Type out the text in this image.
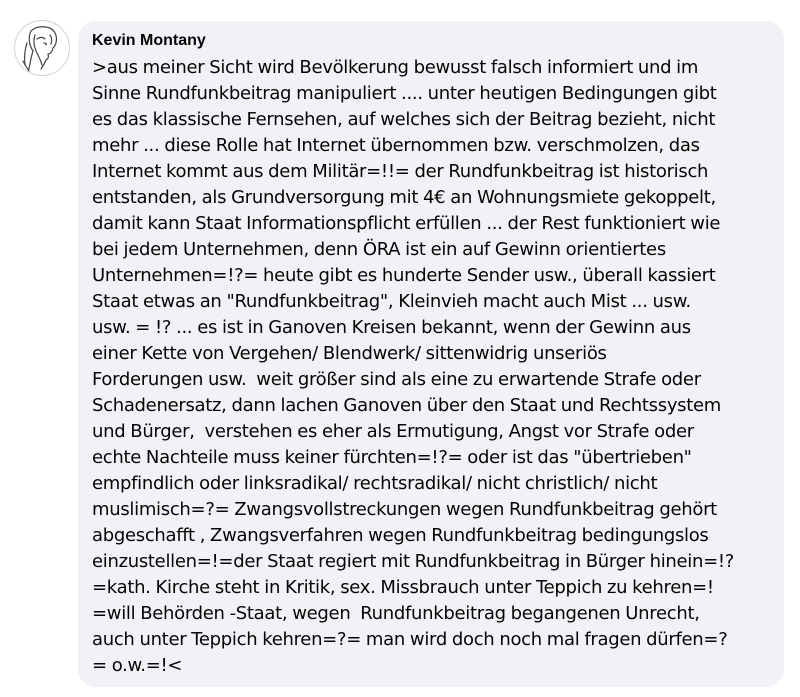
Kevin Montany
>aus meiner Sicht wird Bevölkerung bewusst falsch informiert und im
Sinne Rundfunkbeitrag manipuliert .... unter heutigen Bedingungen gibt
es das klassische Fernsehen, auf welches sich der Beitrag bezieht, nicht
mehr ... diese Rolle hat Internet übernommen bzw. verschmolzen, das
Internet kommt aus dem Militär=!!= der Rundfunkbeitrag ist historisch
entstanden, als Grundversorgung mit 4€ an Wohnungsmiete gekoppelt,
damit kann Staat Informationspflicht erfüllen ... der Rest funktioniert wie
bei jedem Unternehmen, denn ÖRA ist ein auf Gewinn orientiertes
Unternehmen=!?= heute gibt es hunderte Sender usw., überall kassiert
Staat etwas an "Rundfunkbeitrag", Kleinvieh macht auch Mist ... usw.
usw. = !? ... es ist in Ganoven Kreisen bekannt, wenn der Gewinn aus
einer Kette von Vergehen/ Blendwerk/ sittenwidrig unseriös
Forderungen usw.  weit größer sind als eine zu erwartende Strafe oder
Schadenersatz, dann lachen Ganoven über den Staat und Rechtssystem
und Bürger,  verstehen es eher als Ermutigung, Angst vor Strafe oder
echte Nachteile muss keiner fürchten=!?= oder ist das "übertrieben"
empfindlich oder linksradikal/ rechtsradikal/ nicht christlich/ nicht
muslimisch=?= Zwangsvollstreckungen wegen Rundfunkbeitrag gehört
abgeschafft , Zwangsverfahren wegen Rundfunkbeitrag bedingungslos
einzustellen=!=der Staat regiert mit Rundfunkbeitrag in Bürger hinein=!?
=kath. Kirche steht in Kritik, sex. Missbrauch unter Teppich zu kehren=!
=will Behörden -Staat, wegen  Rundfunkbeitrag begangenen Unrecht,
auch unter Teppich kehren=?= man wird doch noch mal fragen dürfen=?
= o.w.=!<
